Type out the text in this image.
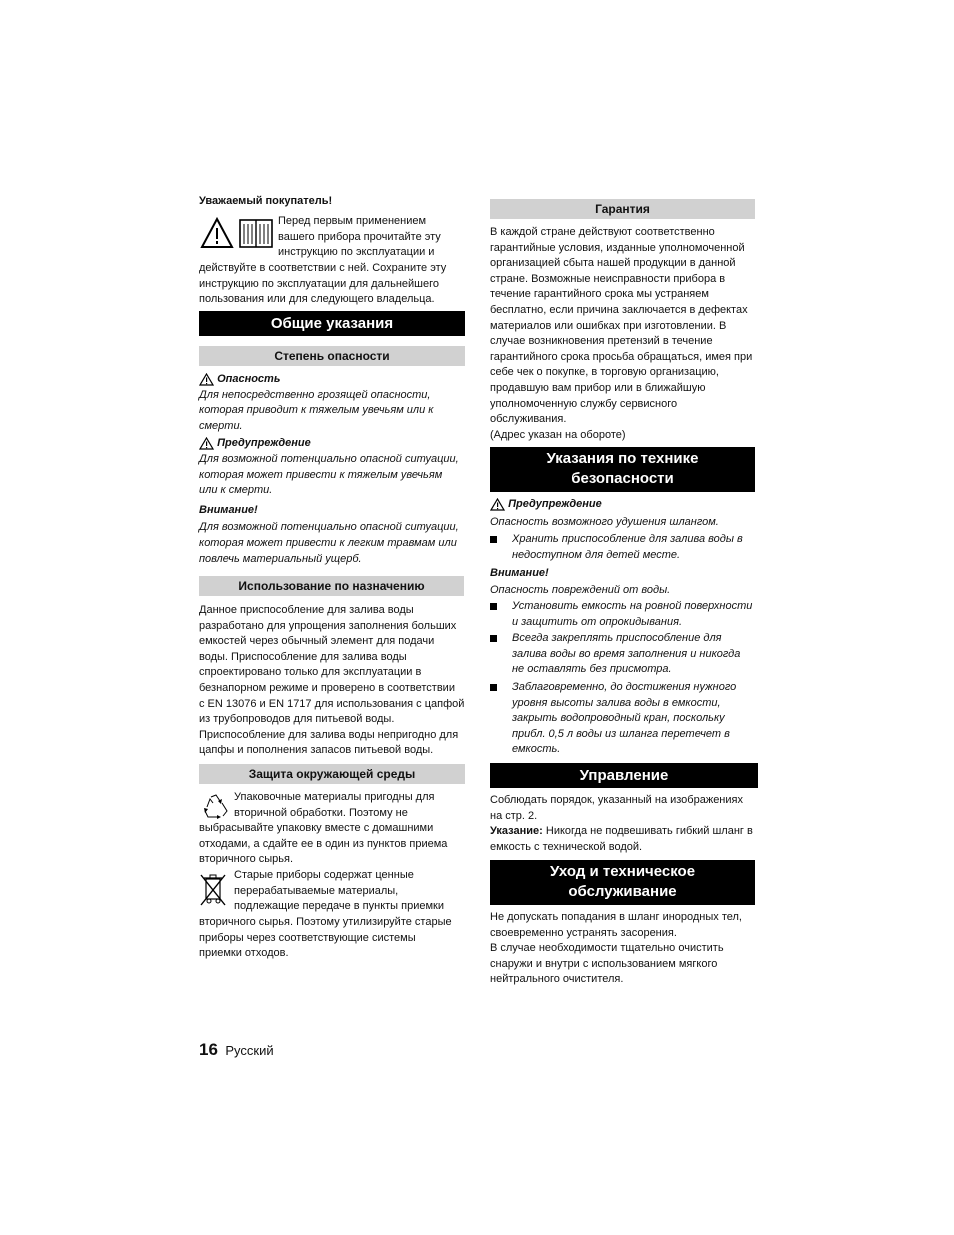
Уважаемый покупатель!

Перед первым применением

вашего прибора прочитайте эту

инструкцию по эксплуатации и

действуйте в соответствии с ней. Сохраните эту

инструкцию по эксплуатации для дальнейшего

пользования или для следующего владельца.

Общие указания
Степень опасности

Опасность

Для непосредственно грозящей опасности,

которая приводит к тяжелым увечьям или к

смерти.

Предупреждение

Для возможной потенциально опасной ситуации,

которая может привести к тяжелым увечьям

или к смерти.

Внимание!

Для возможной потенциально опасной ситуации,

которая может привести к легким травмам или

повлечь материальный ущерб.

Использование по назначению

Данное приспособление для залива воды

разработано для упрощения заполнения больших

емкостей через обычный элемент для подачи

воды. Приспособление для залива воды

спроектировано только для эксплуатации в

безнапорном режиме и проверено в соответствии

с EN 13076 и EN 1717 для использования с цапфой

из трубопроводов для питьевой воды.

Приспособление для залива воды непригодно для

цапфы и пополнения запасов питьевой воды.

Защита окружающей среды

Упаковочные материалы пригодны для

вторичной обработки. Поэтому не

выбрасывайте упаковку вместе с домашними

отходами, а сдайте ее в один из пунктов приема

вторичного сырья.

Старые приборы содержат ценные

перерабатываемые материалы,

подлежащие передаче в пункты приемки

вторичного сырья. Поэтому утилизируйте старые

приборы через соответствующие системы

приемки отходов.

16 Русский
Гарантия

В каждой стране действуют соответственно

гарантийные условия, изданные уполномоченной

организацией сбыта нашей продукции в данной

стране. Возможные неисправности прибора в

течение гарантийного срока мы устраняем

бесплатно, если причина заключается в дефектах

материалов или ошибках при изготовлении. В

случае возникновения претензий в течение

гарантийного срока просьба обращаться, имея при

себе чек о покупке, в торговую организацию,

продавшую вам прибор или в ближайшую

уполномоченную службу сервисного

обслуживания.

(Адрес указан на обороте)

Указания по технике
безопасности

Предупреждение

Опасность возможного удушения шлангом.

Хранить приспособление для залива воды в

недоступном для детей месте.

Внимание!

Опасность повреждений от воды.

Установить емкость на ровной поверхности

и защитить от опрокидывания.

Всегда закреплять приспособление для

залива воды во время заполнения и никогда

не оставлять без присмотра.

Заблаговременно, до достижения нужного

уровня высоты залива воды в емкости,

закрыть водопроводный кран, поскольку

прибл. 0,5 л воды из шланга перетечет в

емкость.

Управление

Соблюдать порядок, указанный на изображениях

на стр. 2.

Указание: Никогда не подвешивать гибкий шланг в

емкость с технической водой.

Уход и техническое
обслуживание

Не допускать попадания в шланг инородных тел,

своевременно устранять засорения.

В случае необходимости тщательно очистить

снаружи и внутри с использованием мягкого

нейтрального очистителя.
